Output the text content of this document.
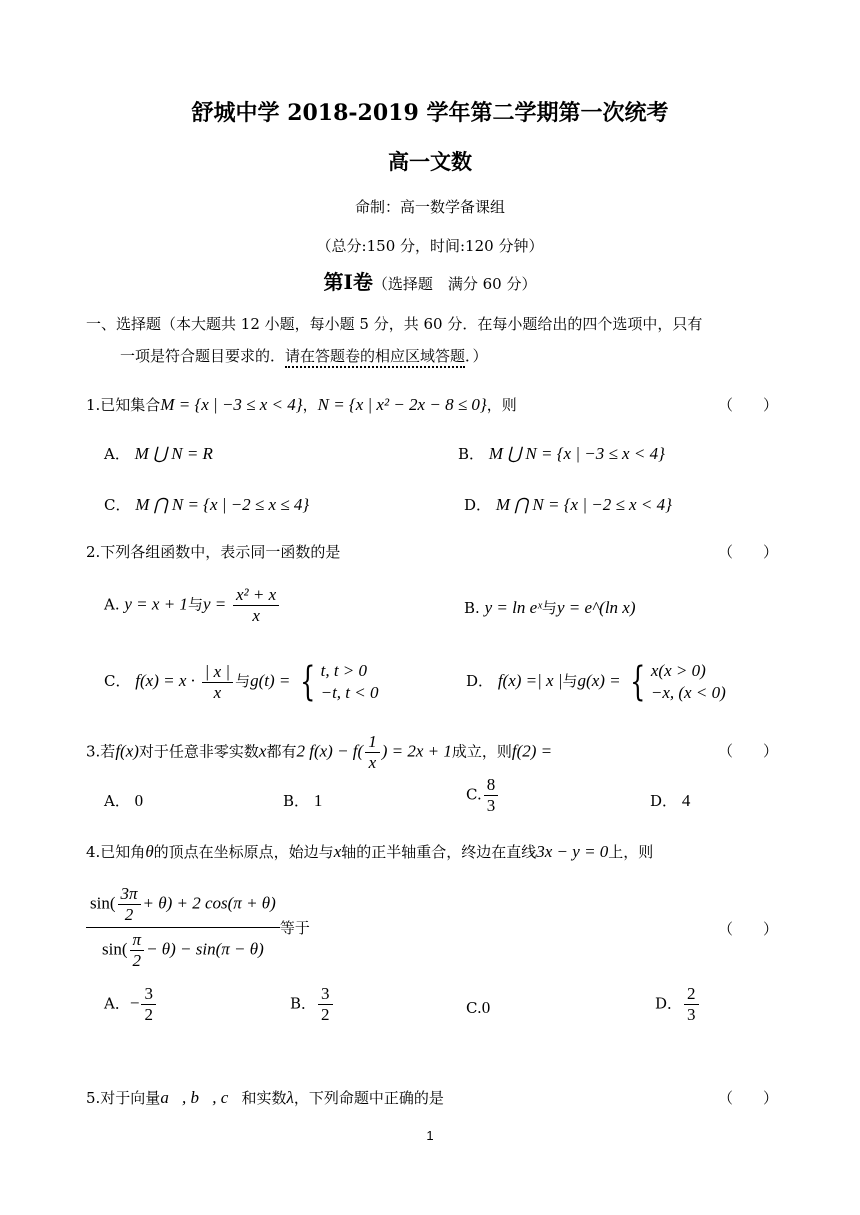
舒城中学 2018-2019 学年第二学期第一次统考
高一文数
命制：高一数学备课组
（总分:150 分，时间:120 分钟）
第Ⅰ卷（选择题　满分 60 分）
一、选择题（本大题共 12 小题，每小题 5 分，共 60 分．在每小题给出的四个选项中，只有
一项是符合题目要求的．请在答题卷的相应区域答题．）
1.已知集合M = {x | −3 ≤ x < 4}，N = {x | x² − 2x − 8 ≤ 0}，则	（　　）
A． M ⋃ N = R	B． M ⋃ N = {x | −3 ≤ x < 4}
C． M ⋂ N = {x | −2 ≤ x ≤ 4}	D． M ⋂ N = {x | −2 ≤ x < 4}
2.下列各组函数中，表示同一函数的是	（　　）
A. y = x + 1与$y = \frac{\text{x² + x}}{x}$	B. y = ln eˣ与y = e^(ln x)
C． $f(x) = x \cdot \frac{| x |}{x}$ 与g(t) = { t, t > 0
−t, t < 0
D． f(x) =| x |与g(x) = { x(x > 0)
−x, (x < 0)
3.若f(x)对于任意非零实数x都有2 $f(x) - f( \frac{1}{x}$ ) = 2x + 1成立，则f(2) =	（　　）
A． 0	B． 1	C. $\frac{8}{3}$	D． 4
4.已知角θ的顶点在坐标原点，始边与x轴的正半轴重合，终边在直线3x − y = 0上，则
$\frac{\sin( \frac{3\pi}{2} + \theta) + 2 \cos(\pi + \theta)}{\sin( \frac{\pi}{2} - \theta) - \sin(\pi - \theta)}$ 等于	（　　）
A．− $\frac{3}{2}$	B． $\frac{3}{2}$	C.0	D． $\frac{2}{3}$
5.对于向量a⃗, b⃗, c⃗和实数λ，下列命题中正确的是	（　　）
1
